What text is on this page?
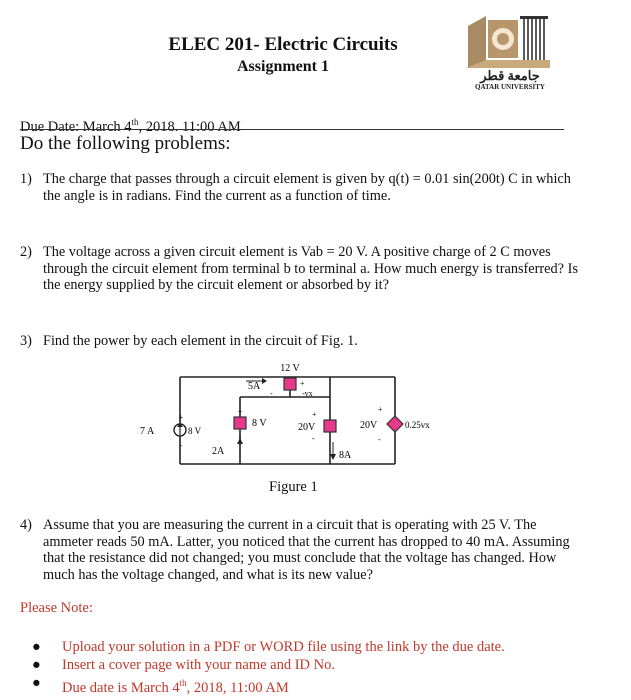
ELEC 201- Electric Circuits
Assignment 1
جامعة قطر
QATAR UNIVERSITY
Due Date: March 4th, 2018. 11:00 AM
Do the following problems:
1) The charge that passes through a circuit element is given by q(t) = 0.01 sin(200t) C in which the angle is in radians. Find the current as a function of time.
2) The voltage across a given circuit element is Vab = 20 V. A positive charge of 2 C moves through the circuit element from terminal b to terminal a. How much energy is transferred? Is the energy supplied by the circuit element or absorbed by it?
3) Find the power by each element in the circuit of Fig. 1.
7 A	8 V
+
-
2A
8 V
+
-
12 V
5A
-vx
+
-
20V
+
-
8A
20V	0.25vx
+
-
Figure 1
4) Assume that you are measuring the current in a circuit that is operating with 25 V. The ammeter reads 50 mA. Latter, you noticed that the current has dropped to 40 mA. Assuming that the resistance did not changed; you must conclude that the voltage has changed. How much has the voltage changed, and what is its new value?
Please Note:
● Upload your solution in a PDF or WORD file using the link by the due date.
● Insert a cover page with your name and ID No.
● Due date is March 4th, 2018, 11:00 AM
